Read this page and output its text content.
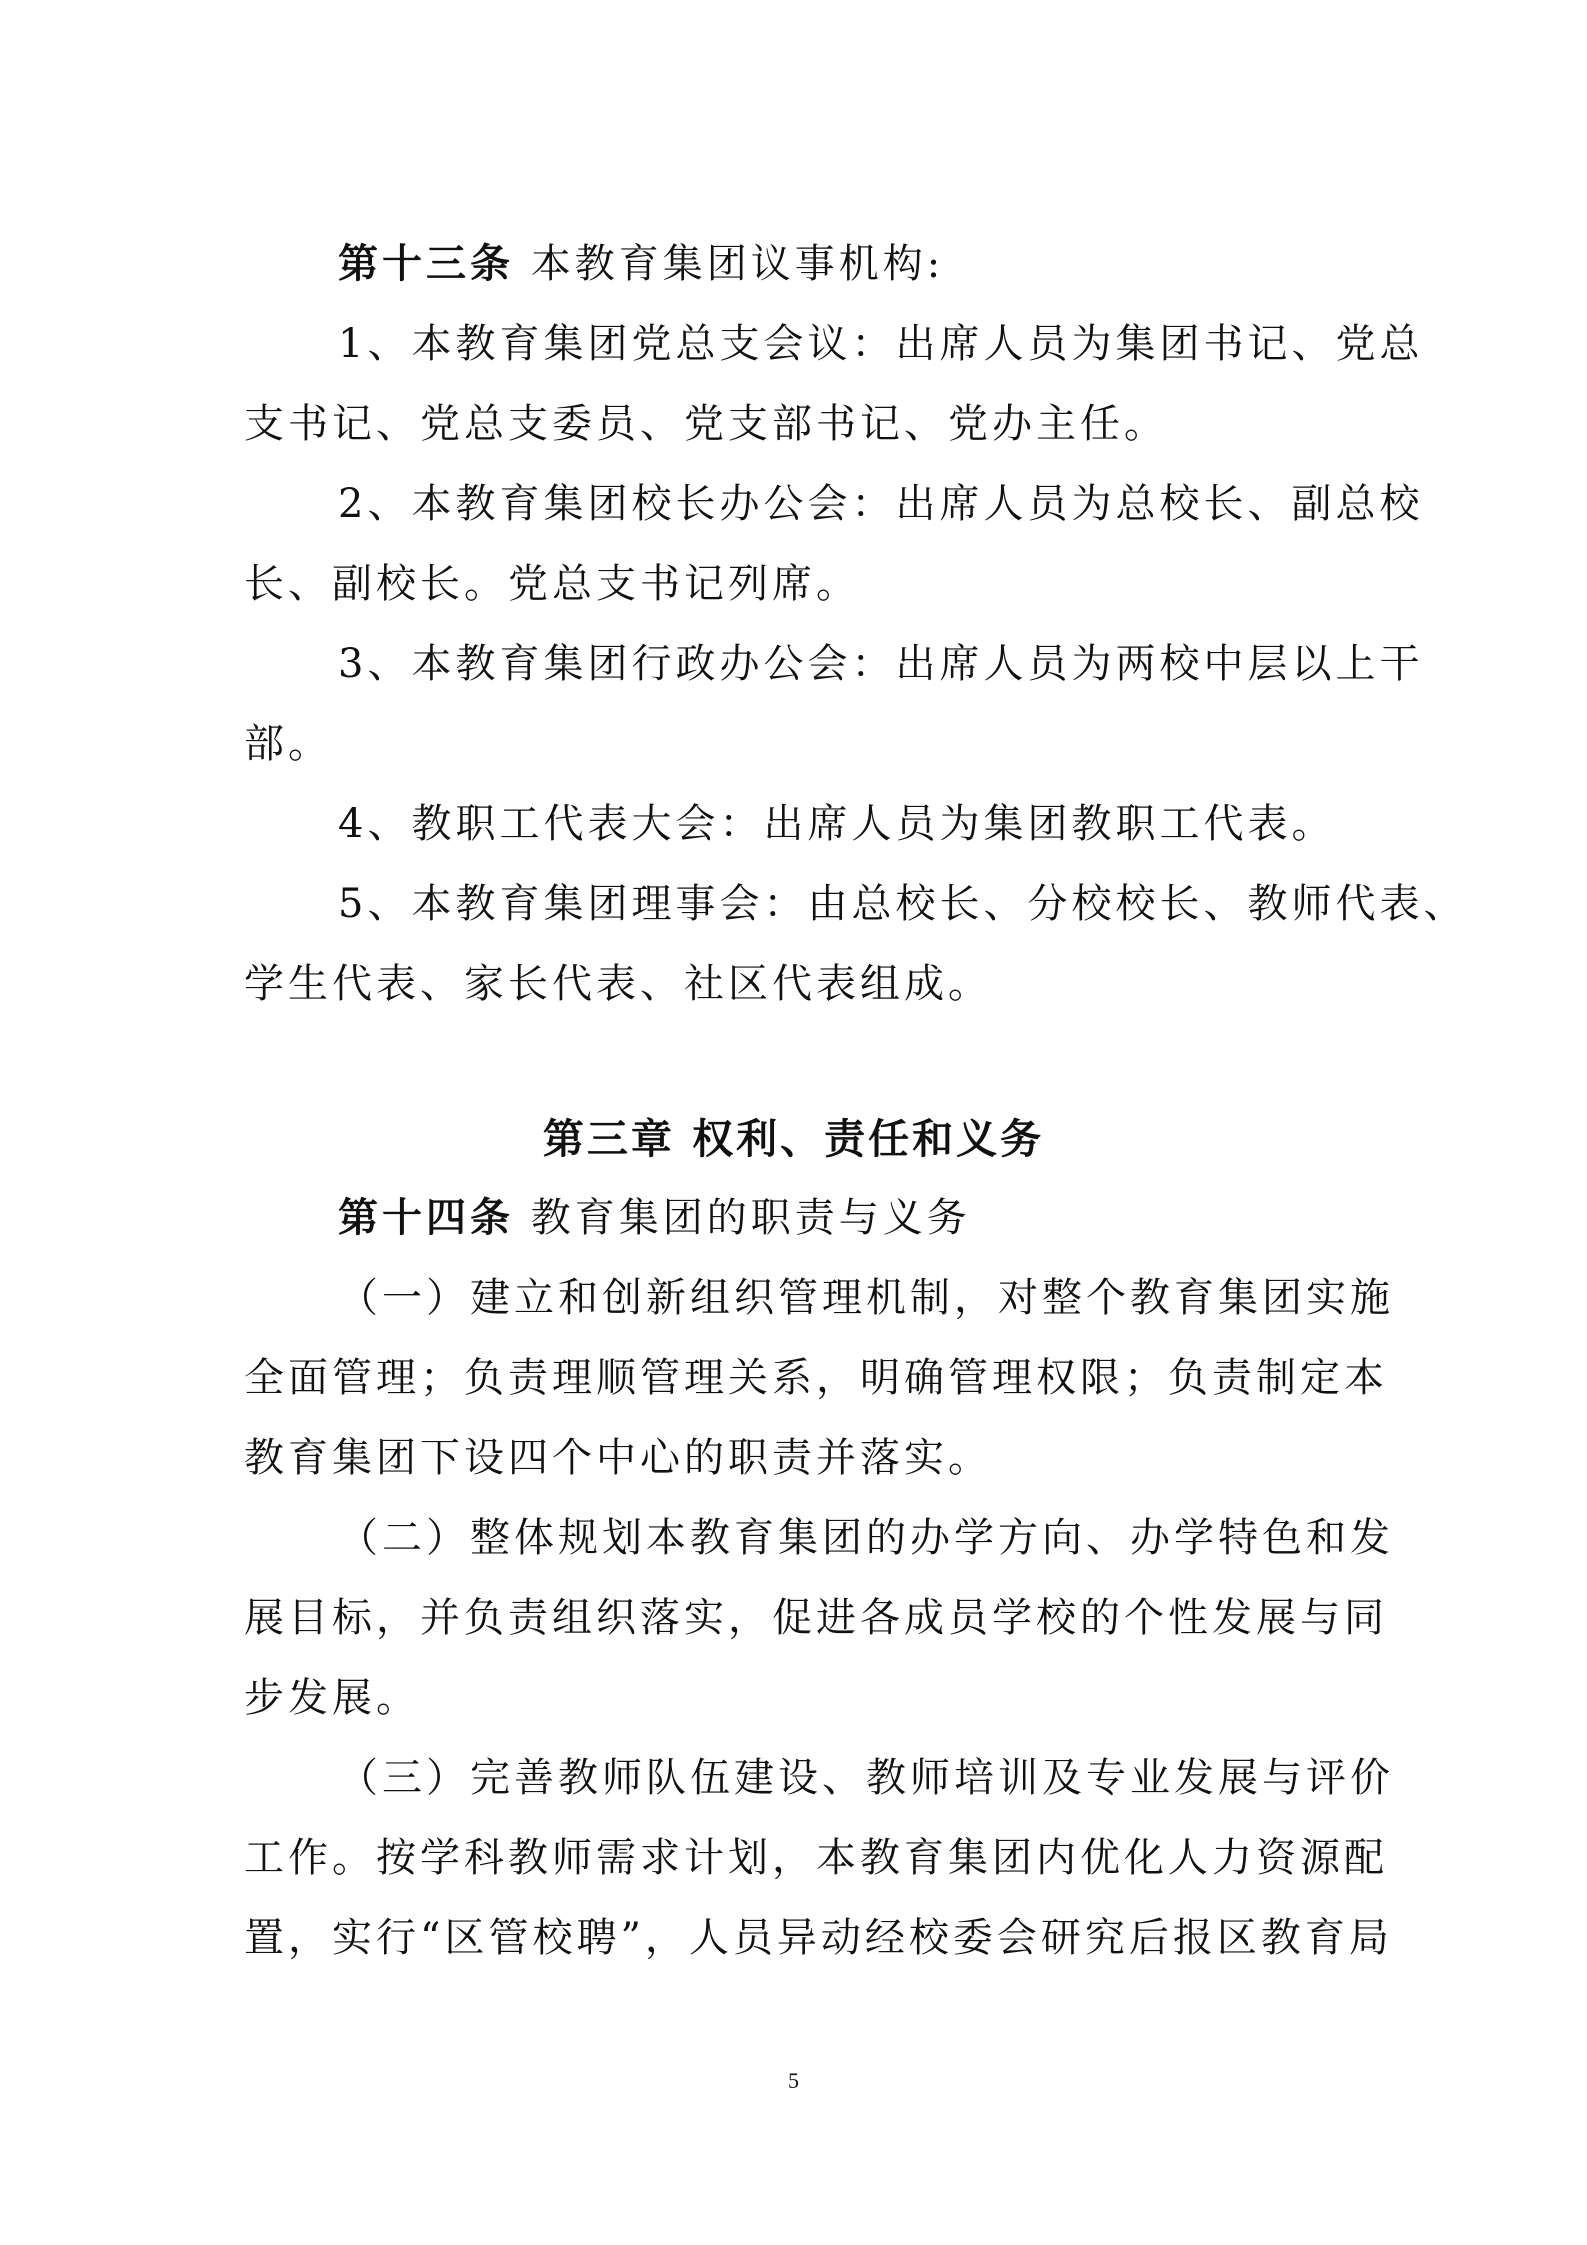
第十三条 本教育集团议事机构:
1、本教育集团党总支会议：出席人员为集团书记、党总
支书记、党总支委员、党支部书记、党办主任。
2、本教育集团校长办公会：出席人员为总校长、副总校
长、副校长。党总支书记列席。
3、本教育集团行政办公会：出席人员为两校中层以上干
部。
4、教职工代表大会：出席人员为集团教职工代表。
5、本教育集团理事会：由总校长、分校校长、教师代表、
学生代表、家长代表、社区代表组成。
第三章 权利、责任和义务
第十四条 教育集团的职责与义务
（一）建立和创新组织管理机制，对整个教育集团实施
全面管理；负责理顺管理关系，明确管理权限；负责制定本
教育集团下设四个中心的职责并落实。
（二）整体规划本教育集团的办学方向、办学特色和发
展目标，并负责组织落实，促进各成员学校的个性发展与同
步发展。
（三）完善教师队伍建设、教师培训及专业发展与评价
工作。按学科教师需求计划，本教育集团内优化人力资源配
置，实行“区管校聘”，人员异动经校委会研究后报区教育局
5
